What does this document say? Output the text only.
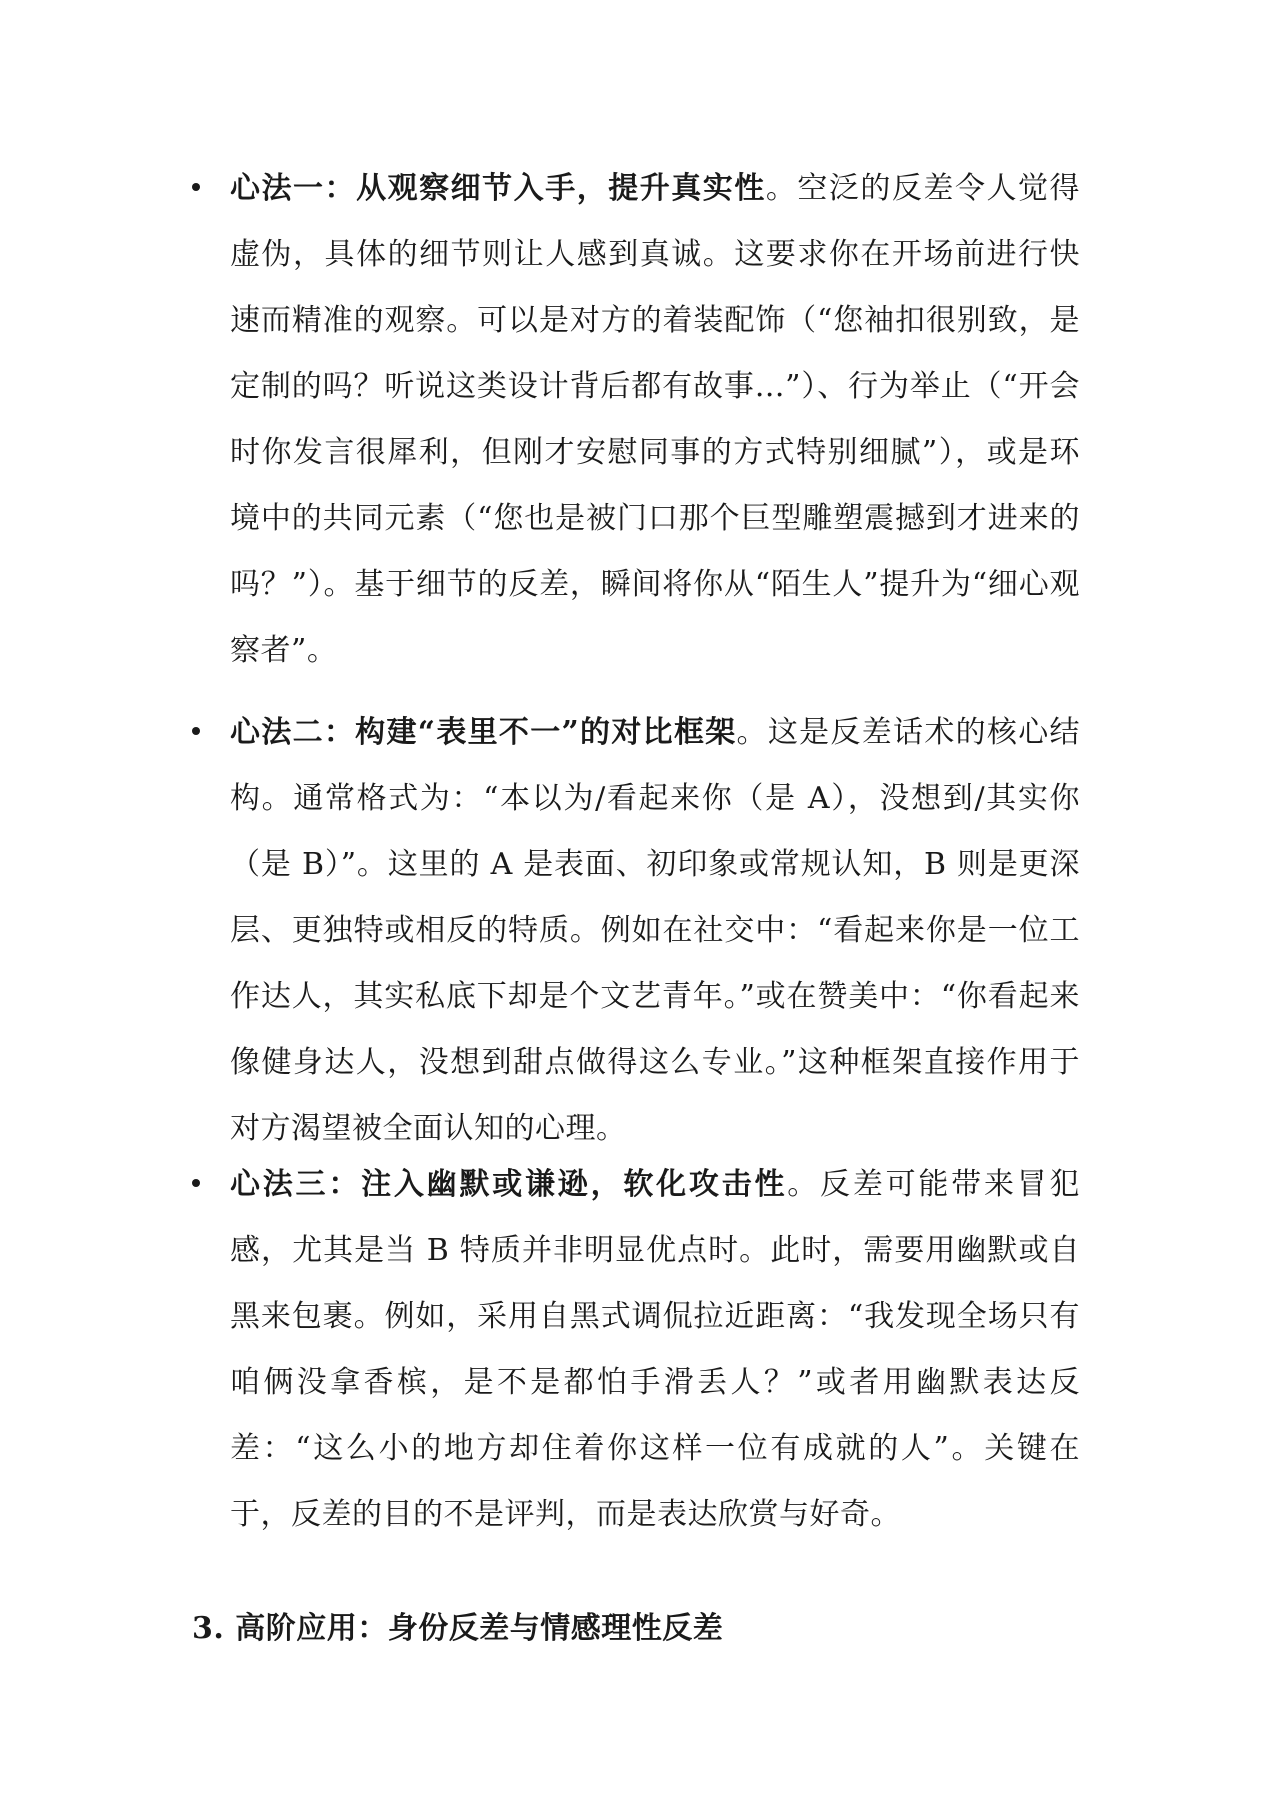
心法一：从观察细节入手，提升真实性。空泛的反差令人觉得虚伪，具体的细节则让人感到真诚。这要求你在开场前进行快速而精准的观察。可以是对方的着装配饰（“您袖扣很别致，是定制的吗？听说这类设计背后都有故事…”）、行为举止（“开会时你发言很犀利，但刚才安慰同事的方式特别细腻”），或是环境中的共同元素（“您也是被门口那个巨型雕塑震撼到才进来的吗？”）。基于细节的反差，瞬间将你从“陌生人”提升为“细心观察者”。

心法二：构建“表里不一”的对比框架。这是反差话术的核心结构。通常格式为：“本以为/看起来你（是 A），没想到/其实你（是 B）”。这里的 A 是表面、初印象或常规认知，B 则是更深层、更独特或相反的特质。例如在社交中：“看起来你是一位工作达人，其实私底下却是个文艺青年。”或在赞美中：“你看起来像健身达人，没想到甜点做得这么专业。”这种框架直接作用于对方渴望被全面认知的心理。

心法三：注入幽默或谦逊，软化攻击性。反差可能带来冒犯感，尤其是当 B 特质并非明显优点时。此时，需要用幽默或自黑来包裹。例如，采用自黑式调侃拉近距离：“我发现全场只有咱俩没拿香槟，是不是都怕手滑丢人？”或者用幽默表达反差：“这么小的地方却住着你这样一位有成就的人”。关键在于，反差的目的不是评判，而是表达欣赏与好奇。

3. 高阶应用：身份反差与情感理性反差
